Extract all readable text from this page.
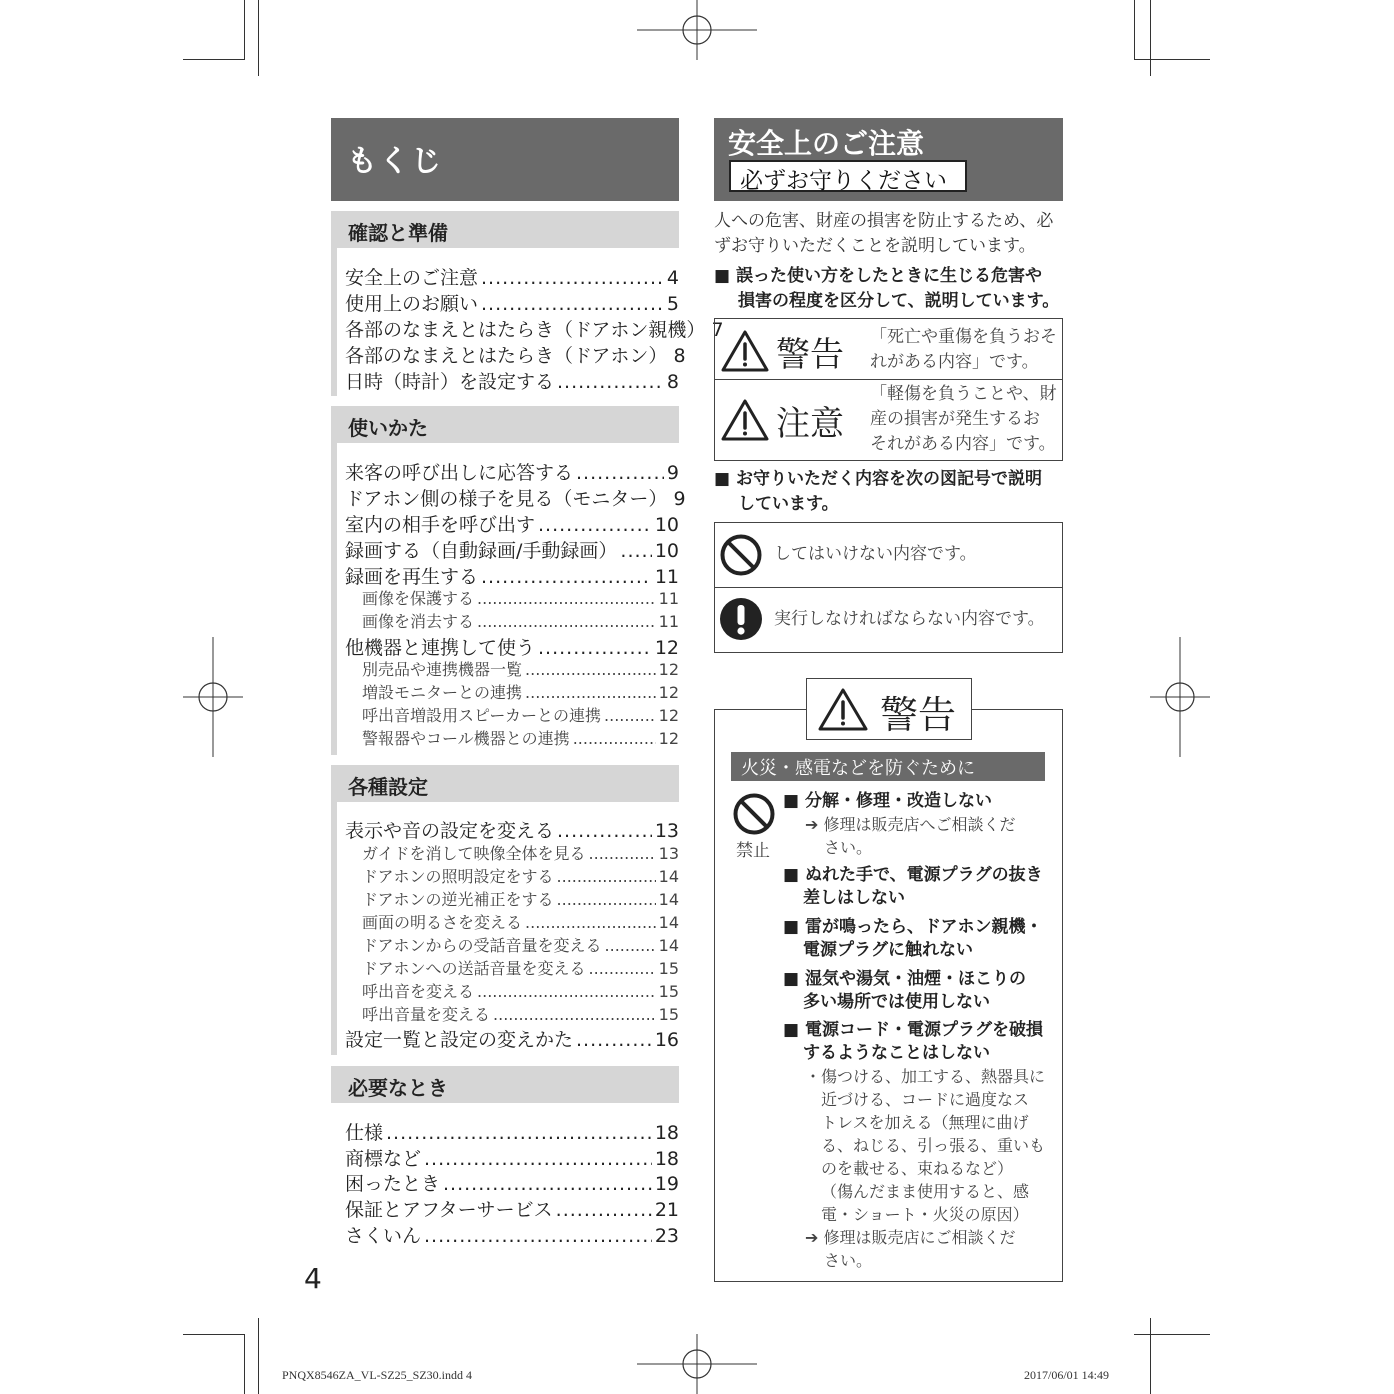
もくじ
確認と準備
安全上のご注意 .....	4
使用上のお願い .....	5
各部のなまえとはたらき（ドアホン親機） 7
各部のなまえとはたらき（ドアホン） 8
日時（時計）を設定する .....	8
使いかた
来客の呼び出しに応答する .....	9
ドアホン側の様子を見る（モニター） 9
室内の相手を呼び出す .....	10
録画する（自動録画/手動録画） ..... 10
録画を再生する .....	11
画像を保護する .....	11
画像を消去する .....	11
他機器と連携して使う .....	12
別売品や連携機器一覧 .....	12
増設モニターとの連携 .....	12
呼出音増設用スピーカーとの連携 .....	12
警報器やコール機器との連携 .....	12
各種設定
表示や音の設定を変える .....	13
ガイドを消して映像全体を見る .....	13
ドアホンの照明設定をする .....	14
ドアホンの逆光補正をする .....	14
画面の明るさを変える .....	14
ドアホンからの受話音量を変える .....	14
ドアホンへの送話音量を変える .....	15
呼出音を変える .....	15
呼出音量を変える .....	15
設定一覧と設定の変えかた .....	16
必要なとき
仕様 .....	18
商標など .....	18
困ったとき .....	19
保証とアフターサービス .....	21
さくいん .....	23
4
安全上のご注意
必ずお守りください
人への危害、財産の損害を防止するため、必
ずお守りいただくことを説明しています。
■ 誤った使い方をしたときに生じる危害や
損害の程度を区分して、説明しています。
警告 「死亡や重傷を負うおそ
れがある内容」です。
注意
「軽傷を負うことや、財
産の損害が発生するお
それがある内容」です。
■ お守りいただく内容を次の図記号で説明
しています。
してはいけない内容です。
実行しなければならない内容です。
警告
火災・感電などを防ぐために
禁止
■ 分解・修理・改造しない
➔ 修理は販売店へご相談くだ
さい。
■ ぬれた手で、電源プラグの抜き
差しはしない
■ 雷が鳴ったら、ドアホン親機・
電源プラグに触れない
■ 湿気や湯気・油煙・ほこりの
多い場所では使用しない
■ 電源コード・電源プラグを破損
するようなことはしない
・傷つける、加工する、熱器具に
近づける、コードに過度なス
トレスを加える（無理に曲げ
る、ねじる、引っ張る、重いも
のを載せる、束ねるなど）
（傷んだまま使用すると、感
電・ショート・火災の原因）
➔ 修理は販売店にご相談くだ
さい。
PNQX8546ZA_VL-SZ25_SZ30.indd 4	2017/06/01 14:49
